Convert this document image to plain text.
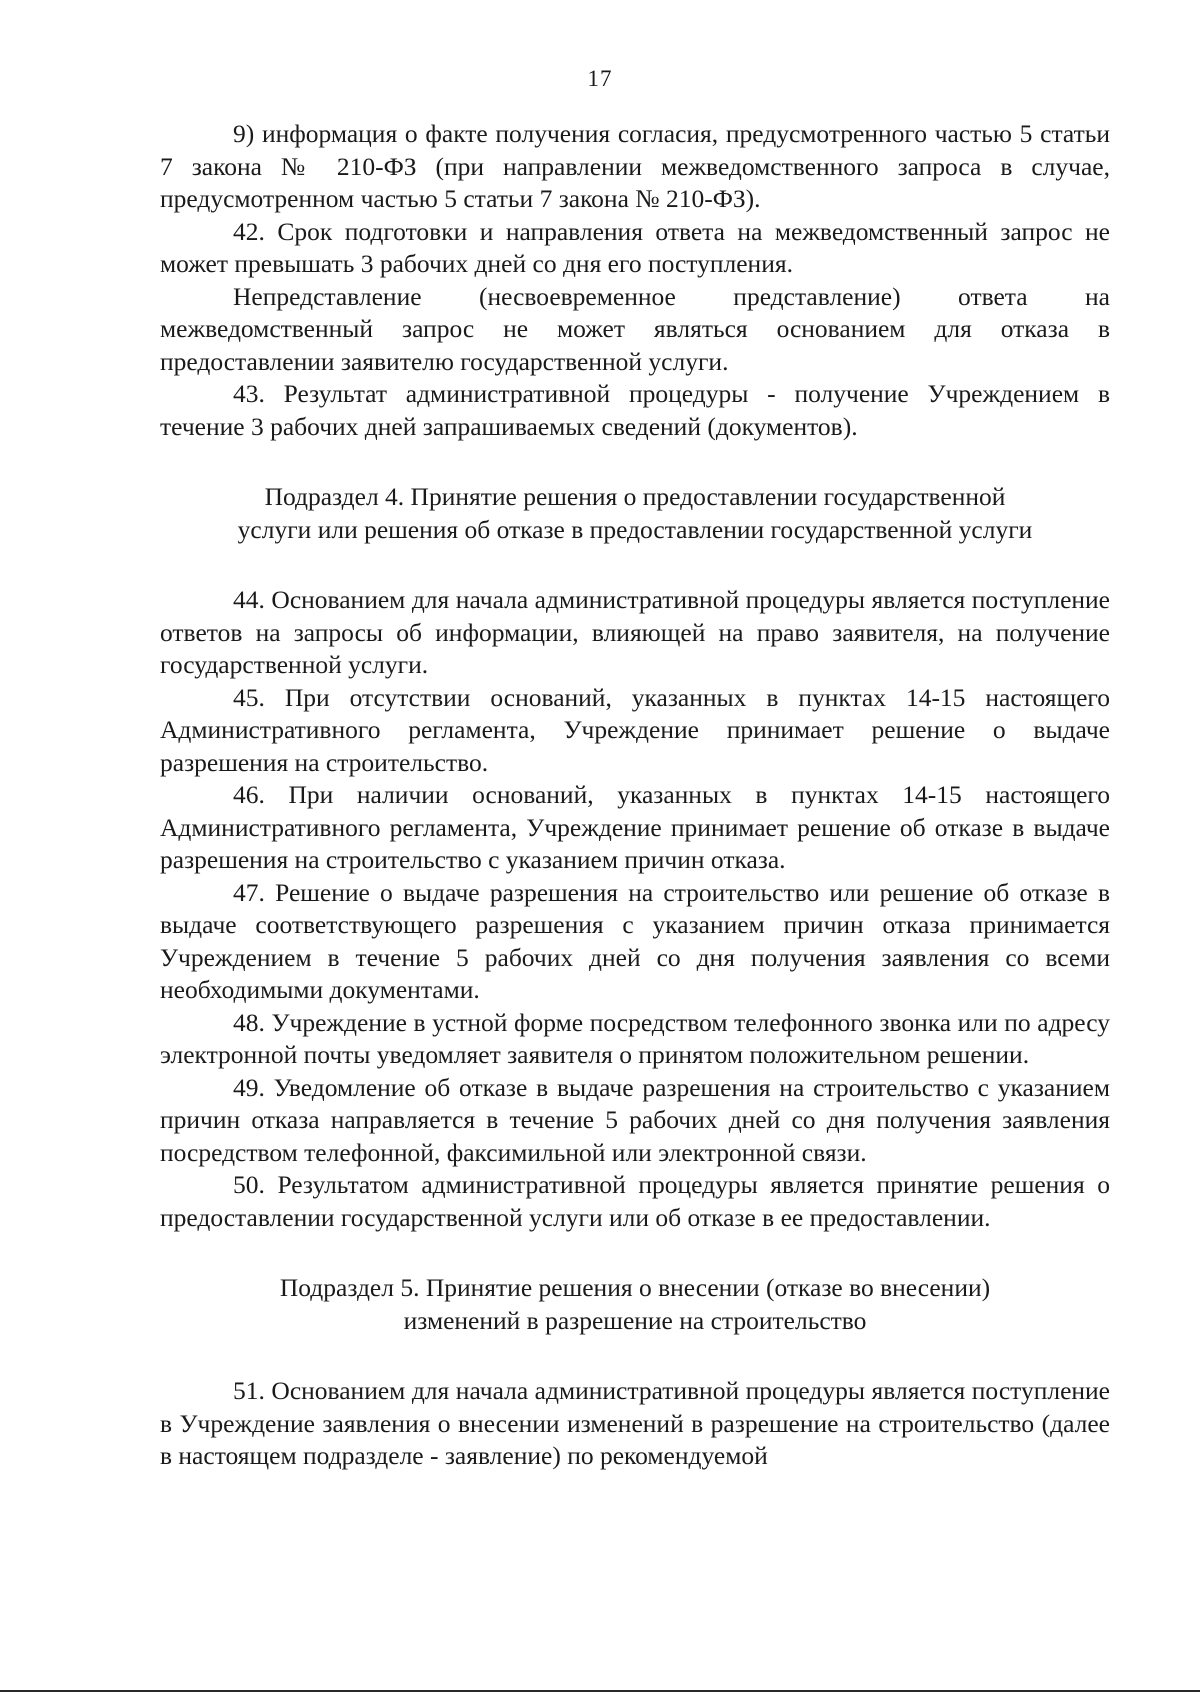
17

9) информация о факте получения согласия, предусмотренного частью 5 статьи 7 закона № 210-ФЗ (при направлении межведомственного запроса в случае, предусмотренном частью 5 статьи 7 закона № 210-ФЗ).

42. Срок подготовки и направления ответа на межведомственный запрос не может превышать 3 рабочих дней со дня его поступления.

Непредставление (несвоевременное представление) ответа на межведомственный запрос не может являться основанием для отказа в предоставлении заявителю государственной услуги.

43. Результат административной процедуры - получение Учреждением в течение 3 рабочих дней запрашиваемых сведений (документов).

Подраздел 4. Принятие решения о предоставлении государственной
услуги или решения об отказе в предоставлении государственной услуги

44. Основанием для начала административной процедуры является поступление ответов на запросы об информации, влияющей на право заявителя, на получение государственной услуги.

45. При отсутствии оснований, указанных в пунктах 14-15 настоящего Административного регламента, Учреждение принимает решение о выдаче разрешения на строительство.

46. При наличии оснований, указанных в пунктах 14-15 настоящего Административного регламента, Учреждение принимает решение об отказе в выдаче разрешения на строительство с указанием причин отказа.

47. Решение о выдаче разрешения на строительство или решение об отказе в выдаче соответствующего разрешения с указанием причин отказа принимается Учреждением в течение 5 рабочих дней со дня получения заявления со всеми необходимыми документами.

48. Учреждение в устной форме посредством телефонного звонка или по адресу электронной почты уведомляет заявителя о принятом положительном решении.

49. Уведомление об отказе в выдаче разрешения на строительство с указанием причин отказа направляется в течение 5 рабочих дней со дня получения заявления посредством телефонной, факсимильной или электронной связи.

50. Результатом административной процедуры является принятие решения о предоставлении государственной услуги или об отказе в ее предоставлении.

Подраздел 5. Принятие решения о внесении (отказе во внесении)
изменений в разрешение на строительство

51. Основанием для начала административной процедуры является поступление в Учреждение заявления о внесении изменений в разрешение на строительство (далее в настоящем подразделе - заявление) по рекомендуемой
